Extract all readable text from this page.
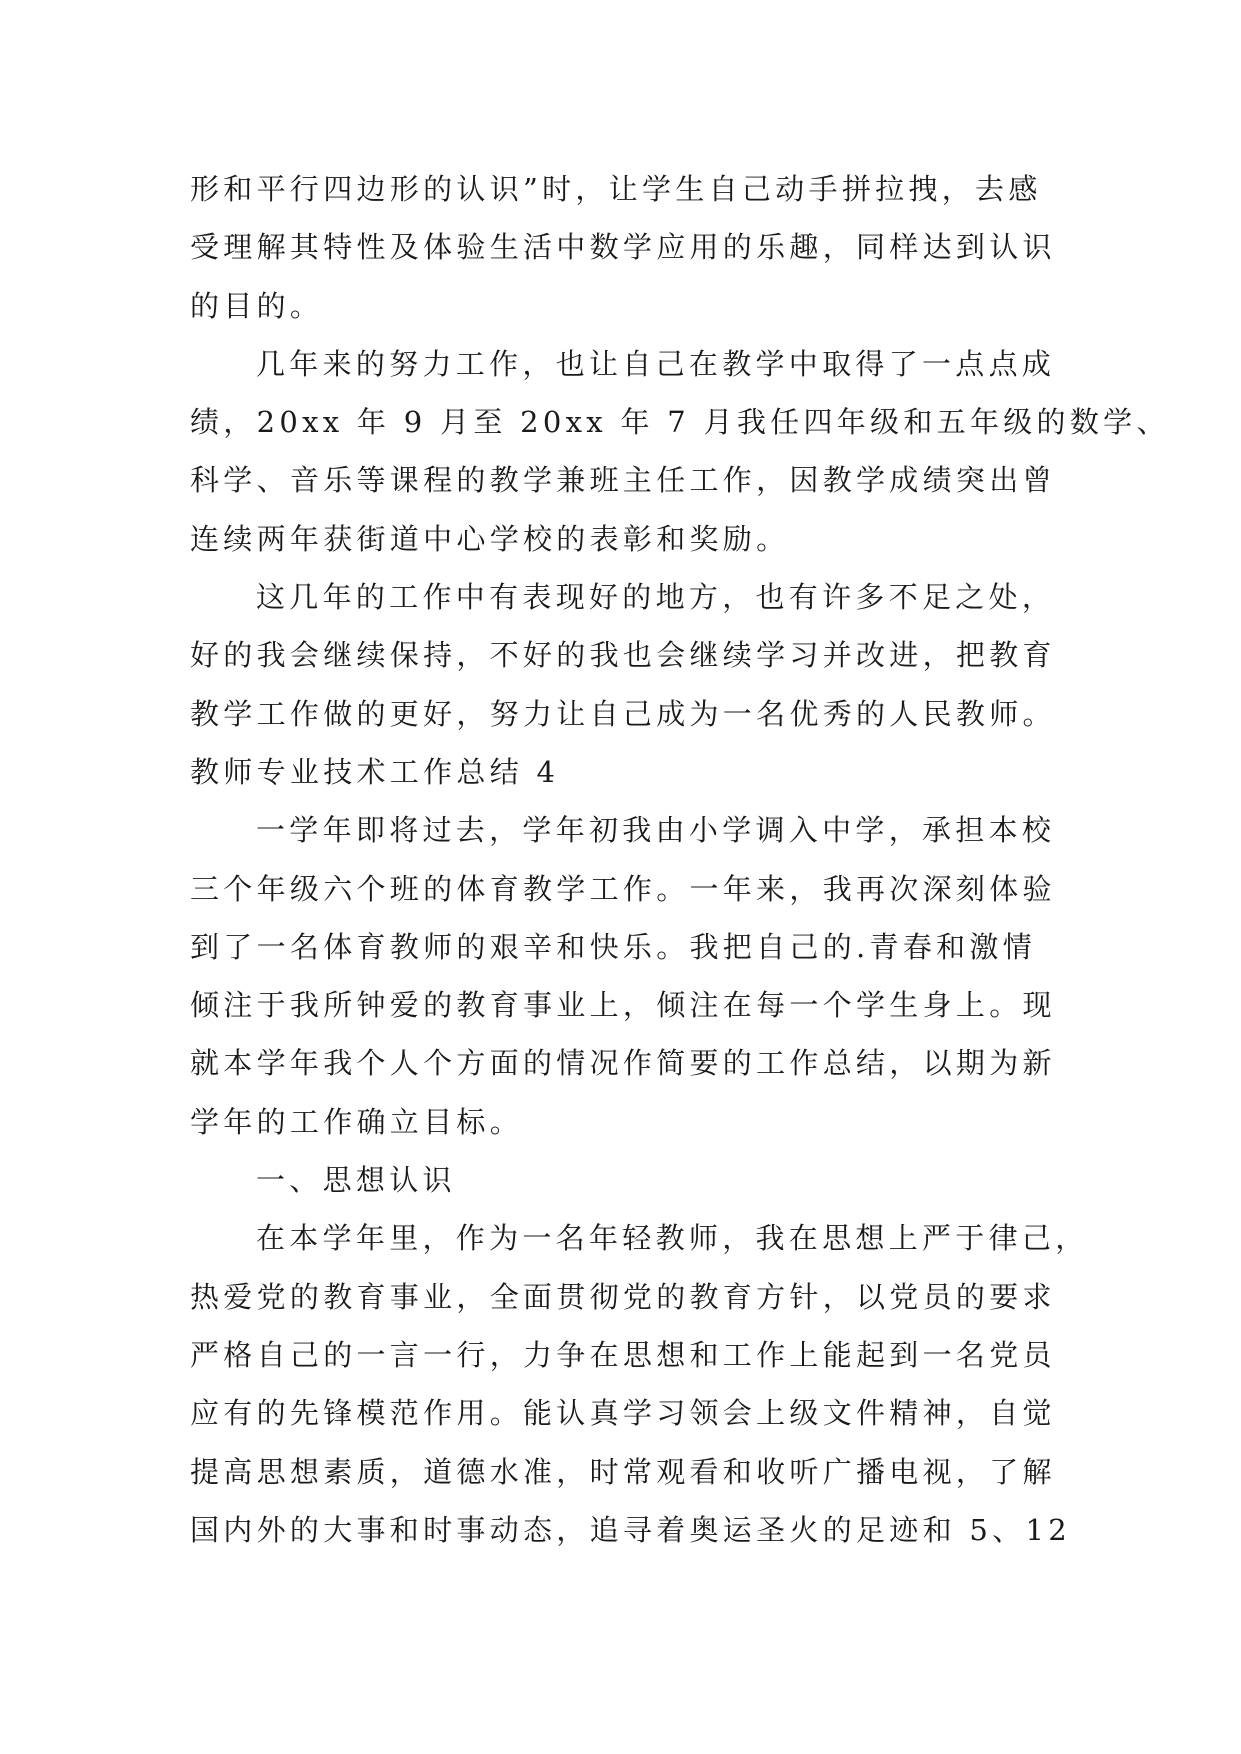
形和平行四边形的认识”时，让学生自己动手拼拉拽，去感
受理解其特性及体验生活中数学应用的乐趣，同样达到认识
的目的。
几年来的努力工作，也让自己在教学中取得了一点点成
绩，20xx 年 9 月至 20xx 年 7 月我任四年级和五年级的数学、
科学、音乐等课程的教学兼班主任工作，因教学成绩突出曾
连续两年获街道中心学校的表彰和奖励。
这几年的工作中有表现好的地方，也有许多不足之处，
好的我会继续保持，不好的我也会继续学习并改进，把教育
教学工作做的更好，努力让自己成为一名优秀的人民教师。
教师专业技术工作总结 4
一学年即将过去，学年初我由小学调入中学，承担本校
三个年级六个班的体育教学工作。一年来，我再次深刻体验
到了一名体育教师的艰辛和快乐。我把自己的.青春和激情
倾注于我所钟爱的教育事业上，倾注在每一个学生身上。现
就本学年我个人个方面的情况作简要的工作总结，以期为新
学年的工作确立目标。
一、思想认识
在本学年里，作为一名年轻教师，我在思想上严于律己，
热爱党的教育事业，全面贯彻党的教育方针，以党员的要求
严格自己的一言一行，力争在思想和工作上能起到一名党员
应有的先锋模范作用。能认真学习领会上级文件精神，自觉
提高思想素质，道德水准，时常观看和收听广播电视，了解
国内外的大事和时事动态，追寻着奥运圣火的足迹和 5、12
